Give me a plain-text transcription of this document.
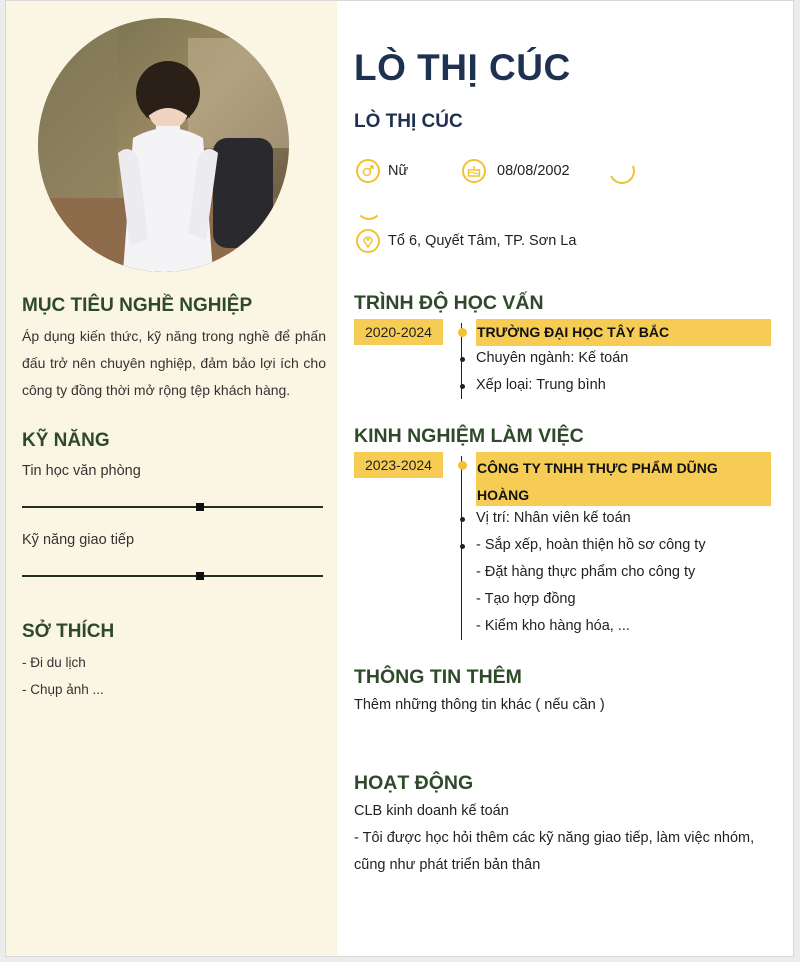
MỤC TIÊU NGHỀ NGHIỆP
Áp dụng kiến thức, kỹ năng trong nghề để phấn đấu trở nên chuyên nghiệp, đảm bảo lợi ích cho công ty đồng thời mở rộng tệp khách hàng.
KỸ NĂNG
Tin học văn phòng
Kỹ năng giao tiếp
SỞ THÍCH
- Đi du lịch
- Chụp ảnh ...
LÒ THỊ CÚC
LÒ THỊ CÚC
Nữ	08/08/2002
Tổ 6, Quyết Tâm, TP. Sơn La
TRÌNH ĐỘ HỌC VẤN
2020-2024	TRƯỜNG ĐẠI HỌC TÂY BẮC
Chuyên ngành: Kế toán
Xếp loại: Trung bình
KINH NGHIỆM LÀM VIỆC
2023-2024	CÔNG TY TNHH THỰC PHẨM DŨNG HOÀNG
Vị trí: Nhân viên kế toán
- Sắp xếp, hoàn thiện hồ sơ công ty
- Đặt hàng thực phẩm cho công ty
- Tạo hợp đồng
- Kiểm kho hàng hóa, ...
THÔNG TIN THÊM
Thêm những thông tin khác ( nếu cần )
HOẠT ĐỘNG
CLB kinh doanh kế toán
- Tôi được học hỏi thêm các kỹ năng giao tiếp, làm việc nhóm, cũng như phát triển bản thân
